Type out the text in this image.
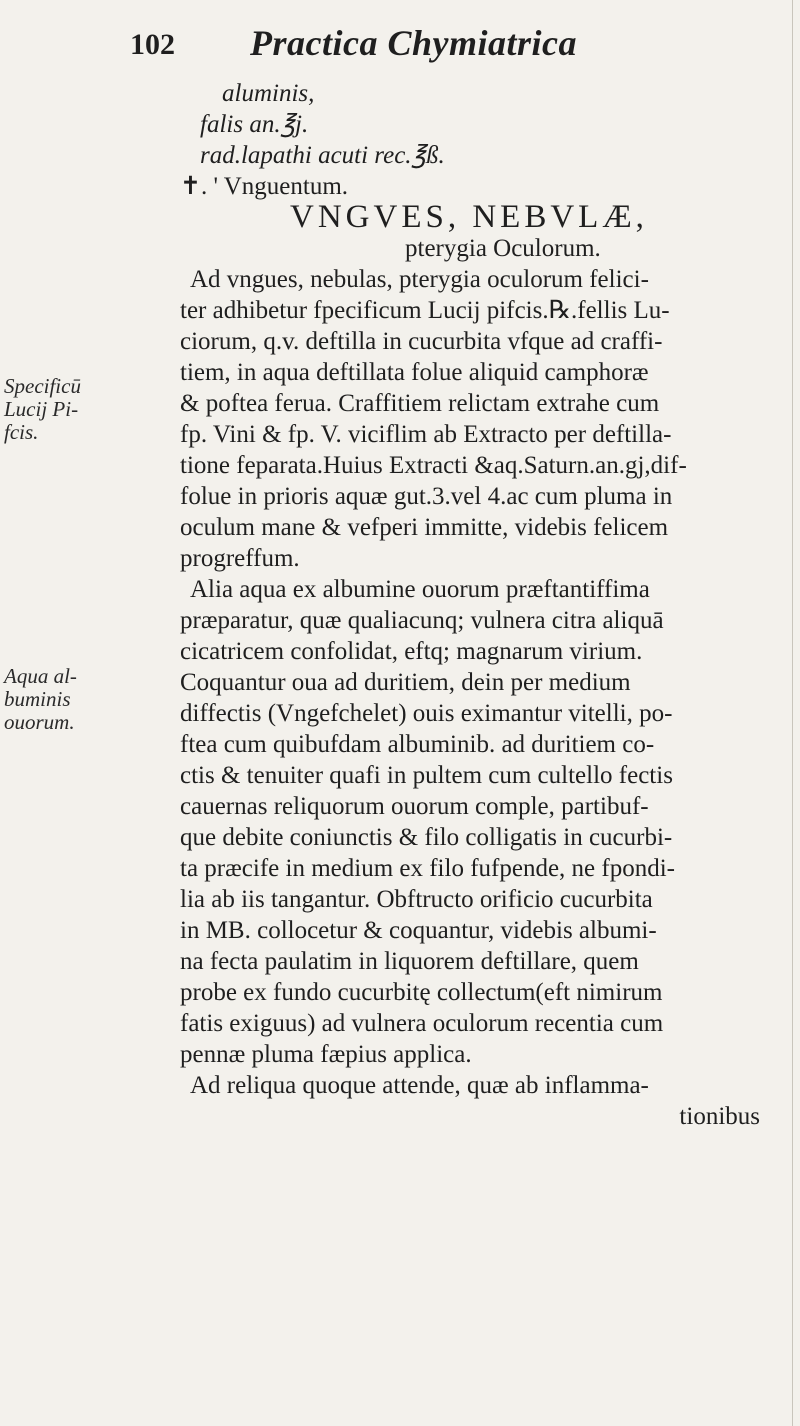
102 Practica Chymiatrica
Specificū
Lucij Pi-
fcis.
Aqua al-
buminis
ouorum.
aluminis,
falis an.℥j.
rad.lapathi acuti rec.℥ß.
✝. ' Vnguentum.
VNGVES, NEBVLÆ,
pterygia Oculorum.
Ad vngues, nebulas, pterygia oculorum felici-
ter adhibetur fpecificum Lucij pifcis.℞.fellis Lu-
ciorum, q.v. deftilla in cucurbita vfque ad craffi-
tiem, in aqua deftillata folue aliquid camphoræ
& poftea ferua. Craffitiem relictam extrahe cum
fp. Vini & fp. V. viciflim ab Extracto per deftilla-
tione feparata.Huius Extracti &aq.Saturn.an.gj,dif-
folue in prioris aquæ gut.3.vel 4.ac cum pluma in
oculum mane & vefperi immitte, videbis felicem
progreffum.
Alia aqua ex albumine ouorum præftantiffima
præparatur, quæ qualiacunq; vulnera citra aliquā
cicatricem confolidat, eftq; magnarum virium.
Coquantur oua ad duritiem, dein per medium
diffectis (Vngefchelet) ouis eximantur vitelli, po-
ftea cum quibufdam albuminib. ad duritiem co-
ctis & tenuiter quafi in pultem cum cultello fectis
cauernas reliquorum ouorum comple, partibuf-
que debite coniunctis & filo colligatis in cucurbi-
ta præcife in medium ex filo fufpende, ne fpondi-
lia ab iis tangantur. Obftructo orificio cucurbita
in MB. collocetur & coquantur, videbis albumi-
na fecta paulatim in liquorem deftillare, quem
probe ex fundo cucurbitę collectum(eft nimirum
fatis exiguus) ad vulnera oculorum recentia cum
pennæ pluma fæpius applica.
Ad reliqua quoque attende, quæ ab inflamma-
tionibus
